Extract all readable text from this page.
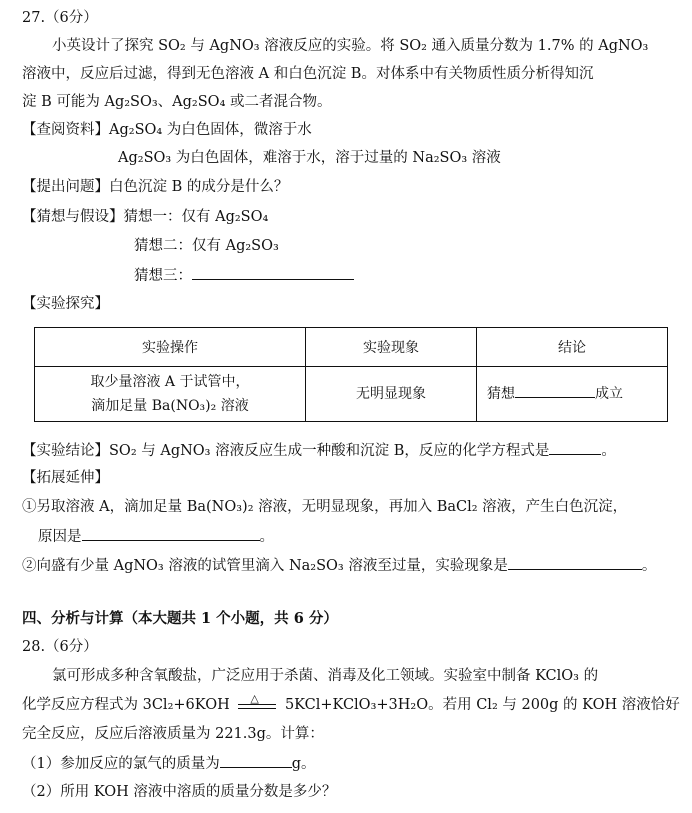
27.（6分）
小英设计了探究 SO₂ 与 AgNO₃ 溶液反应的实验。将 SO₂ 通入质量分数为 1.7% 的 AgNO₃
溶液中，反应后过滤，得到无色溶液 A 和白色沉淀 B。对体系中有关物质性质分析得知沉
淀 B 可能为 Ag₂SO₃、Ag₂SO₄ 或二者混合物。
【查阅资料】Ag₂SO₄ 为白色固体，微溶于水
Ag₂SO₃ 为白色固体，难溶于水，溶于过量的 Na₂SO₃ 溶液
【提出问题】白色沉淀 B 的成分是什么？
【猜想与假设】猜想一：仅有 Ag₂SO₄
猜想二：仅有 Ag₂SO₃
猜想三：
【实验探究】
实验操作	实验现象	结论

取少量溶液 A 于试管中，
滴加足量 Ba(NO₃)₂ 溶液	无明显现象	猜想 成立
【实验结论】SO₂ 与 AgNO₃ 溶液反应生成一种酸和沉淀 B，反应的化学方程式是	。
【拓展延伸】
①另取溶液 A，滴加足量 Ba(NO₃)₂ 溶液，无明显现象，再加入 BaCl₂ 溶液，产生白色沉淀，
原因是	。
②向盛有少量 AgNO₃ 溶液的试管里滴入 Na₂SO₃ 溶液至过量，实验现象是	。
四、分析与计算（本大题共 1 个小题，共 6 分）
28.（6分）
氯可形成多种含氧酸盐，广泛应用于杀菌、消毒及化工领域。实验室中制备 KClO₃ 的
化学反应方程式为 3Cl₂+6KOH △ 5KCl+KClO₃+3H₂O。若用 Cl₂ 与 200g 的 KOH 溶液恰好
完全反应，反应后溶液质量为 221.3g。计算：
（1）参加反应的氯气的质量为	g。
（2）所用 KOH 溶液中溶质的质量分数是多少？
